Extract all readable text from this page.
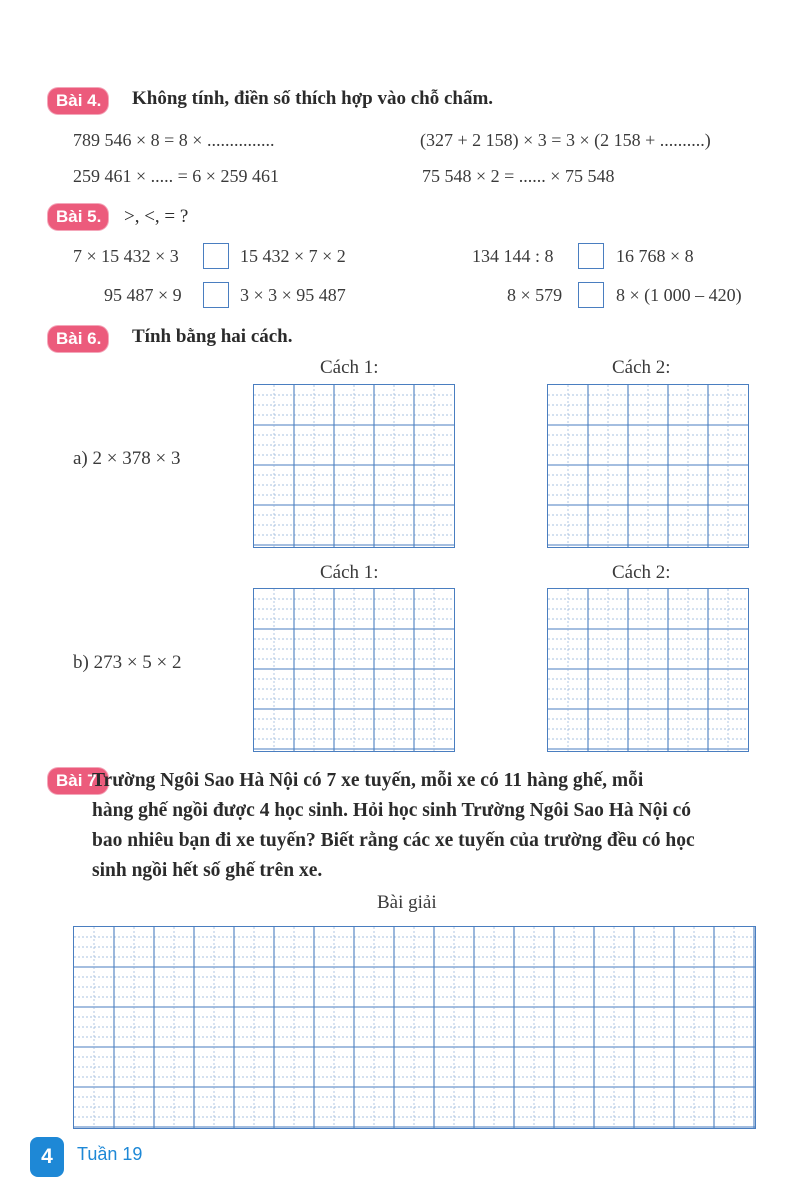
Bài 4.	Không tính, điền số thích hợp vào chỗ chấm.
789 546 × 8 = 8 × ...............	(327 + 2 158) × 3 = 3 × (2 158 + ..........)
259 461 × ..... = 6 × 259 461	75 548 × 2 = ...... × 75 548
Bài 5.	>, <, = ?
7 × 15 432 × 3	15 432 × 7 × 2	134 144 : 8	16 768 × 8
95 487 × 9	3 × 3 × 95 487	8 × 579	8 × (1 000 – 420)
Bài 6.	Tính bằng hai cách.
Cách 1:	Cách 2:
a) 2 × 378 × 3
Cách 1:	Cách 2:
b) 273 × 5 × 2
Bài 7.
Trường Ngôi Sao Hà Nội có 7 xe tuyến, mỗi xe có 11 hàng ghế, mỗi
hàng ghế ngồi được 4 học sinh. Hỏi học sinh Trường Ngôi Sao Hà Nội có
bao nhiêu bạn đi xe tuyến? Biết rằng các xe tuyến của trường đều có học
sinh ngồi hết số ghế trên xe.
Bài giải
4	Tuần 19
